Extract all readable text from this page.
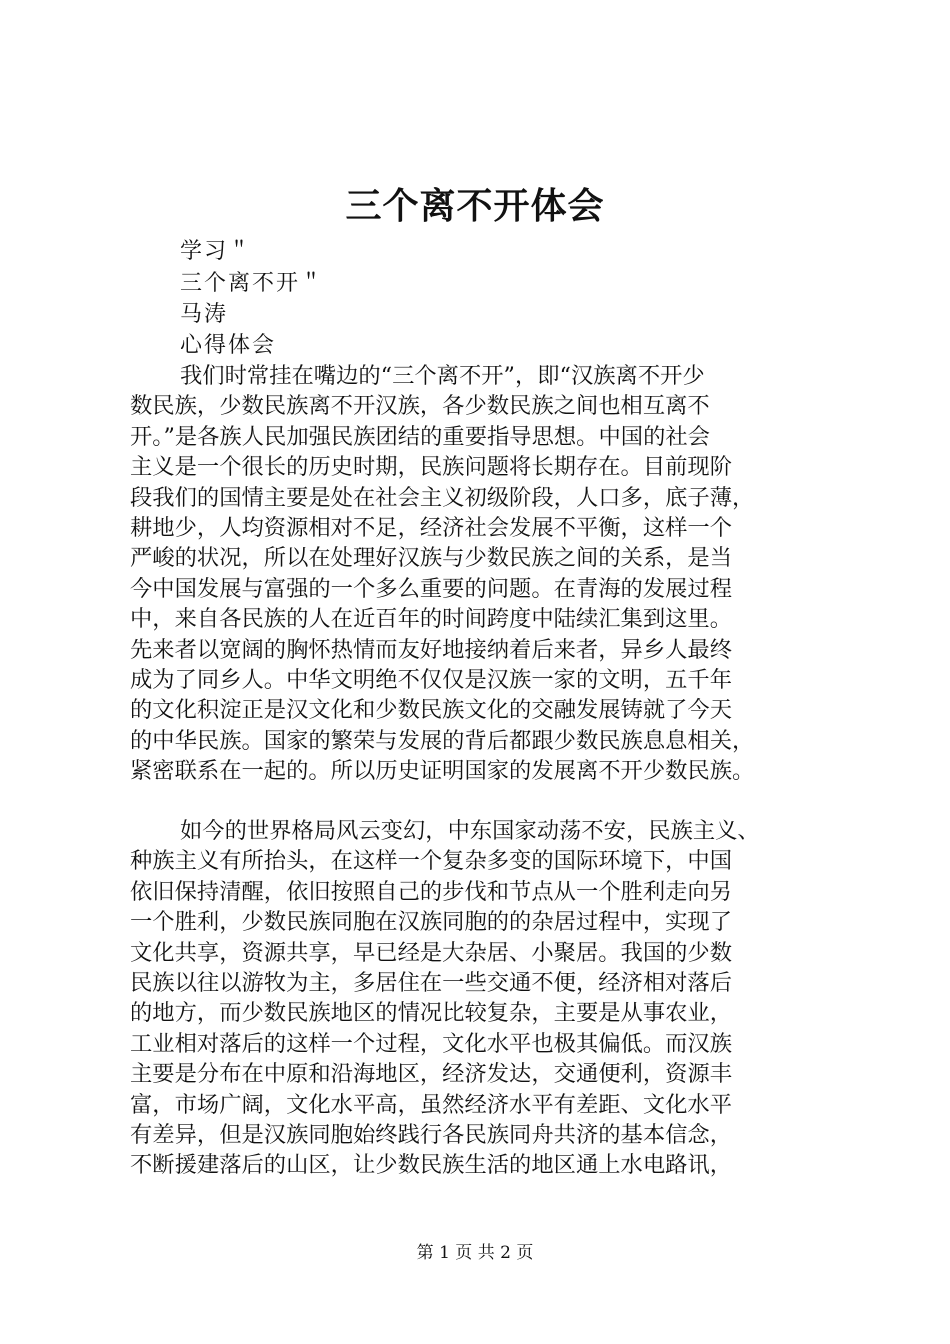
三个离不开体会
学习＂
三个离不开＂
马涛
心得体会
我们时常挂在嘴边的“三个离不开”，即“汉族离不开少
数民族，少数民族离不开汉族，各少数民族之间也相互离不
开。”是各族人民加强民族团结的重要指导思想。中国的社会
主义是一个很长的历史时期，民族问题将长期存在。目前现阶
段我们的国情主要是处在社会主义初级阶段，人口多，底子薄，
耕地少，人均资源相对不足，经济社会发展不平衡，这样一个
严峻的状况，所以在处理好汉族与少数民族之间的关系，是当
今中国发展与富强的一个多么重要的问题。在青海的发展过程
中，来自各民族的人在近百年的时间跨度中陆续汇集到这里。
先来者以宽阔的胸怀热情而友好地接纳着后来者，异乡人最终
成为了同乡人。中华文明绝不仅仅是汉族一家的文明，五千年
的文化积淀正是汉文化和少数民族文化的交融发展铸就了今天
的中华民族。国家的繁荣与发展的背后都跟少数民族息息相关，
紧密联系在一起的。所以历史证明国家的发展离不开少数民族。
如今的世界格局风云变幻，中东国家动荡不安，民族主义、
种族主义有所抬头，在这样一个复杂多变的国际环境下，中国
依旧保持清醒，依旧按照自己的步伐和节点从一个胜利走向另
一个胜利，少数民族同胞在汉族同胞的的杂居过程中，实现了
文化共享，资源共享，早已经是大杂居、小聚居。我国的少数
民族以往以游牧为主，多居住在一些交通不便，经济相对落后
的地方，而少数民族地区的情况比较复杂，主要是从事农业，
工业相对落后的这样一个过程，文化水平也极其偏低。而汉族
主要是分布在中原和沿海地区，经济发达，交通便利，资源丰
富，市场广阔，文化水平高，虽然经济水平有差距、文化水平
有差异，但是汉族同胞始终践行各民族同舟共济的基本信念，
不断援建落后的山区，让少数民族生活的地区通上水电路讯，
第 1 页 共 2 页
